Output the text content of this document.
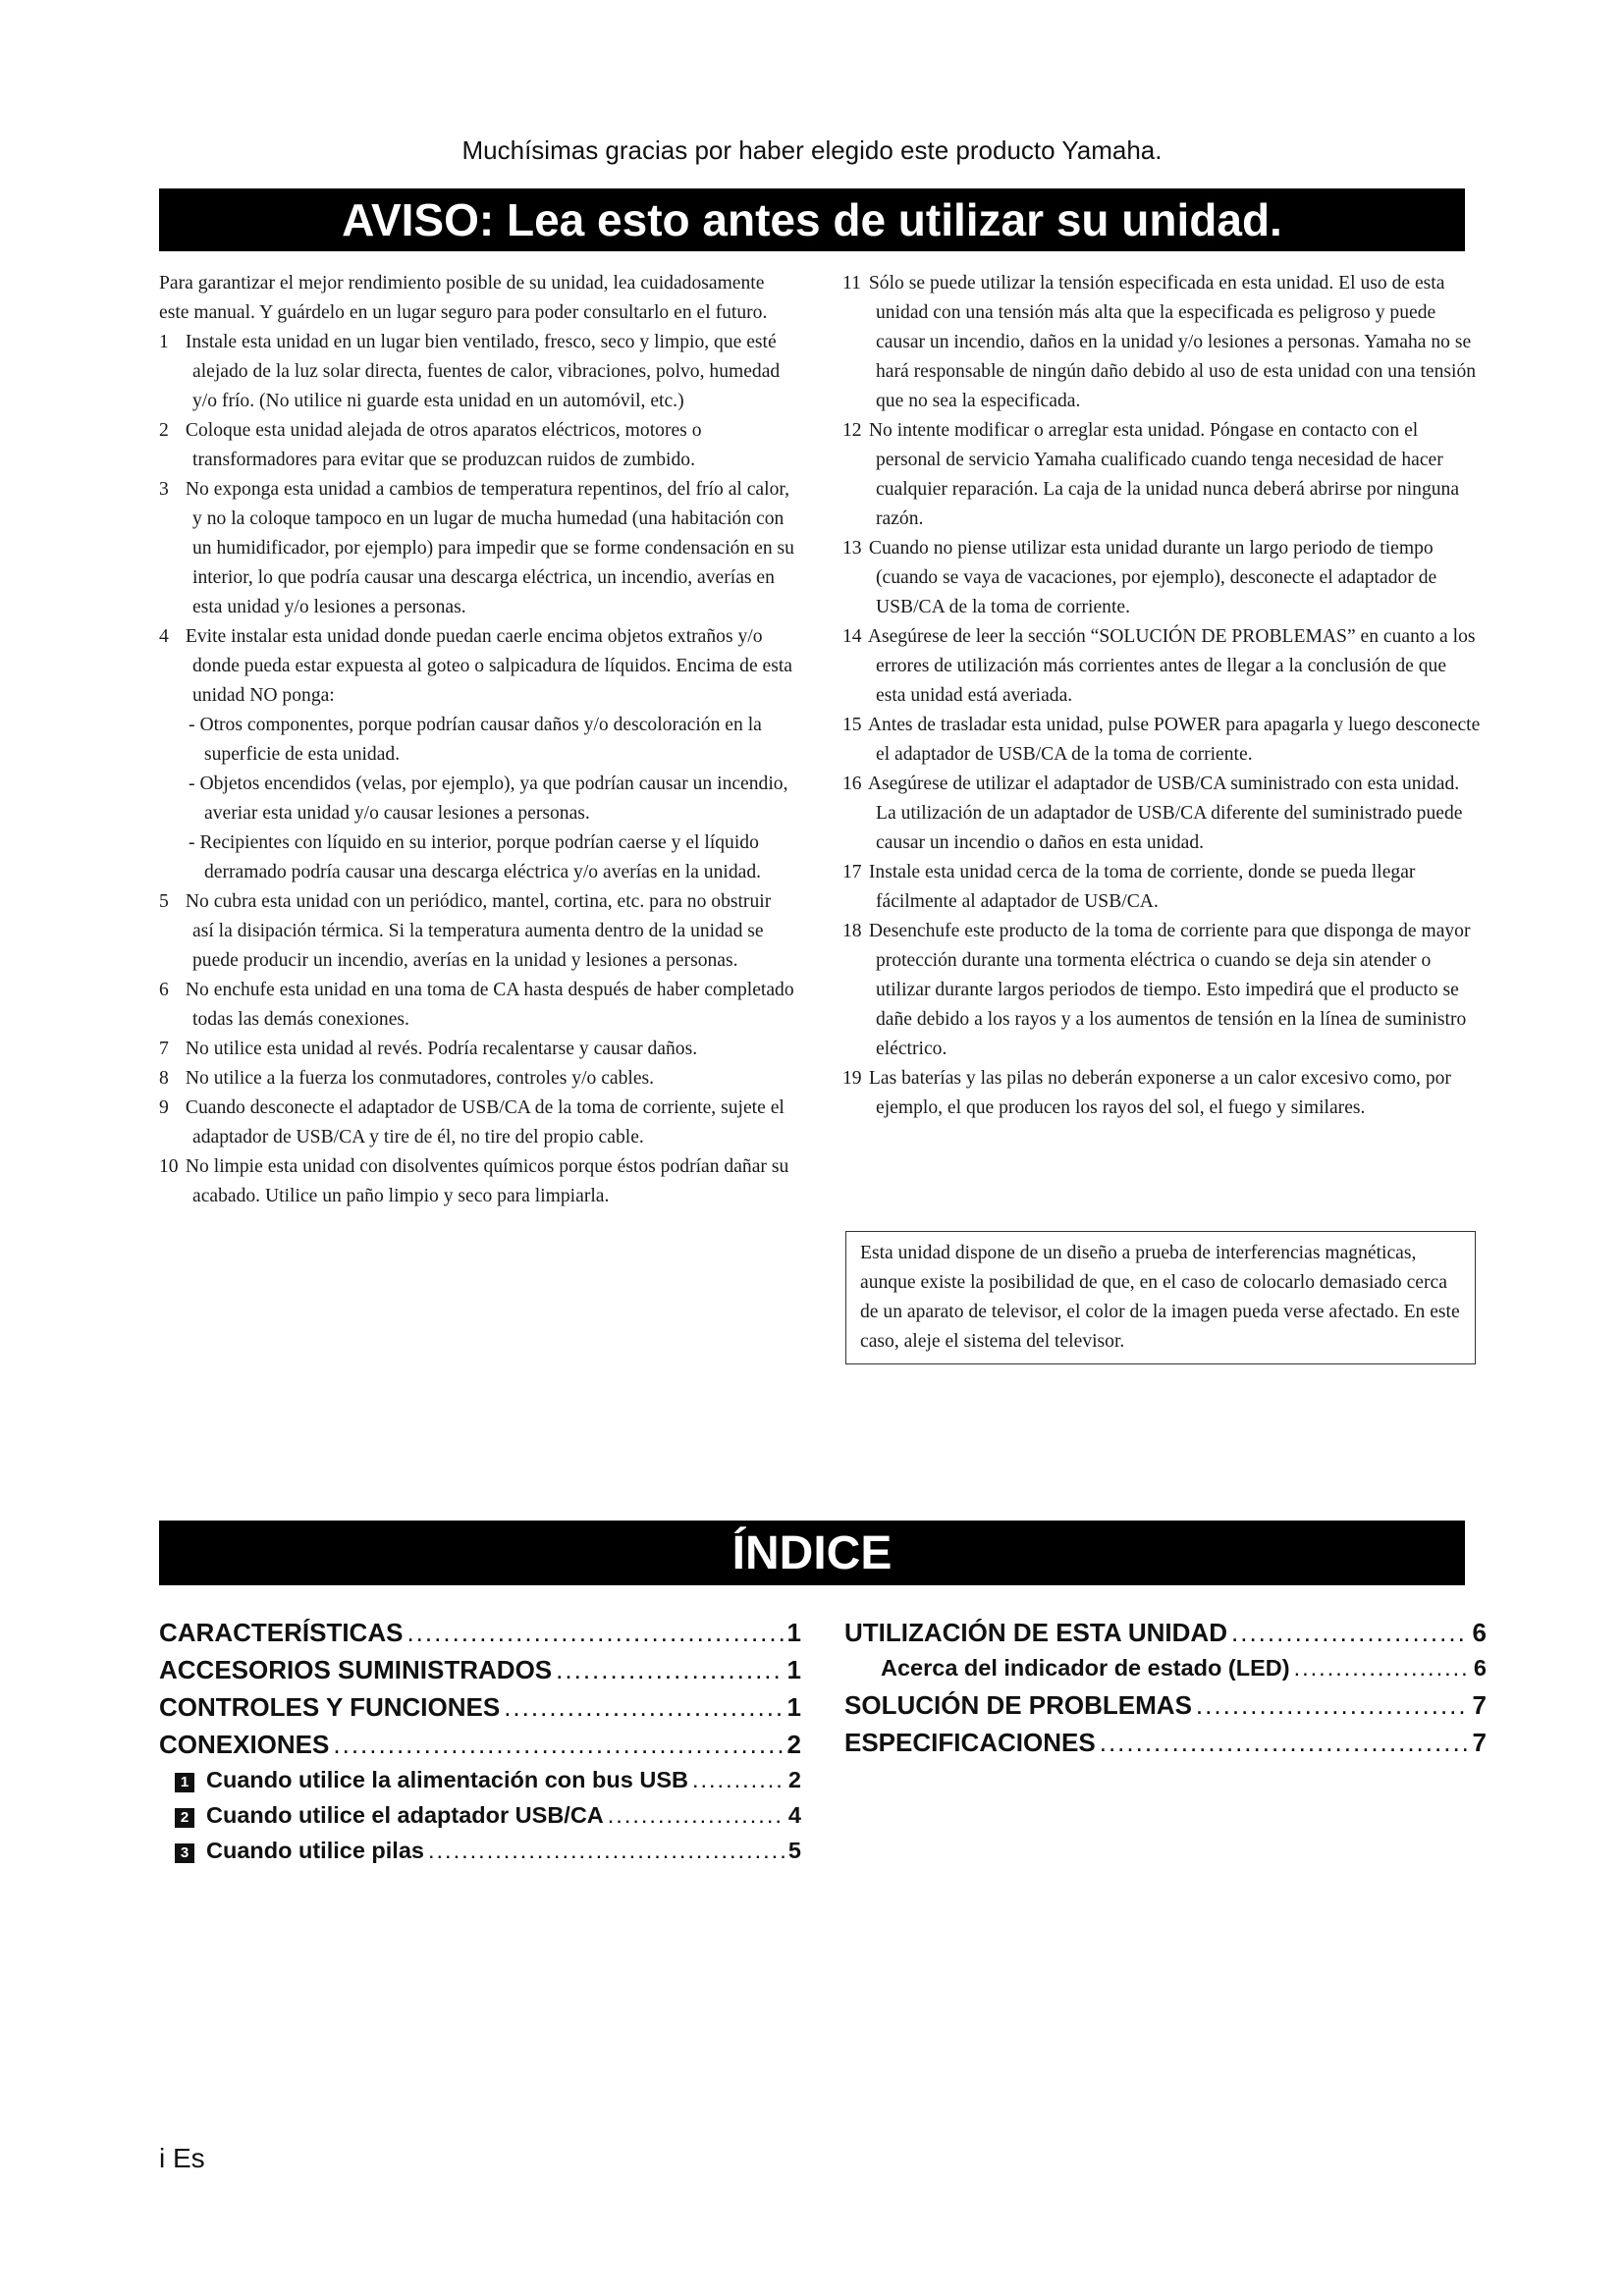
Muchísimas gracias por haber elegido este producto Yamaha.
AVISO: Lea esto antes de utilizar su unidad.

Para garantizar el mejor rendimiento posible de su unidad, lea cuidadosamente este manual. Y guárdelo en un lugar seguro para poder consultarlo en el futuro.

1 Instale esta unidad en un lugar bien ventilado, fresco, seco y limpio, que esté alejado de la luz solar directa, fuentes de calor, vibraciones, polvo, humedad y/o frío. (No utilice ni guarde esta unidad en un automóvil, etc.)
2 Coloque esta unidad alejada de otros aparatos eléctricos, motores o transformadores para evitar que se produzcan ruidos de zumbido.
3 No exponga esta unidad a cambios de temperatura repentinos, del frío al calor, y no la coloque tampoco en un lugar de mucha humedad (una habitación con un humidificador, por ejemplo) para impedir que se forme condensación en su interior, lo que podría causar una descarga eléctrica, un incendio, averías en esta unidad y/o lesiones a personas.
4 Evite instalar esta unidad donde puedan caerle encima objetos extraños y/o donde pueda estar expuesta al goteo o salpicadura de líquidos. Encima de esta unidad NO ponga:
- Otros componentes, porque podrían causar daños y/o descoloración en la superficie de esta unidad.
- Objetos encendidos (velas, por ejemplo), ya que podrían causar un incendio, averiar esta unidad y/o causar lesiones a personas.
- Recipientes con líquido en su interior, porque podrían caerse y el líquido derramado podría causar una descarga eléctrica y/o averías en la unidad.
5 No cubra esta unidad con un periódico, mantel, cortina, etc. para no obstruir así la disipación térmica. Si la temperatura aumenta dentro de la unidad se puede producir un incendio, averías en la unidad y lesiones a personas.
6 No enchufe esta unidad en una toma de CA hasta después de haber completado todas las demás conexiones.
7 No utilice esta unidad al revés. Podría recalentarse y causar daños.
8 No utilice a la fuerza los conmutadores, controles y/o cables.
9 Cuando desconecte el adaptador de USB/CA de la toma de corriente, sujete el adaptador de USB/CA y tire de él, no tire del propio cable.
10 No limpie esta unidad con disolventes químicos porque éstos podrían dañar su acabado. Utilice un paño limpio y seco para limpiarla.
11 Sólo se puede utilizar la tensión especificada en esta unidad. El uso de esta unidad con una tensión más alta que la especificada es peligroso y puede causar un incendio, daños en la unidad y/o lesiones a personas. Yamaha no se hará responsable de ningún daño debido al uso de esta unidad con una tensión que no sea la especificada.
12 No intente modificar o arreglar esta unidad. Póngase en contacto con el personal de servicio Yamaha cualificado cuando tenga necesidad de hacer cualquier reparación. La caja de la unidad nunca deberá abrirse por ninguna razón.
13 Cuando no piense utilizar esta unidad durante un largo periodo de tiempo (cuando se vaya de vacaciones, por ejemplo), desconecte el adaptador de USB/CA de la toma de corriente.
14 Asegúrese de leer la sección “SOLUCIÓN DE PROBLEMAS” en cuanto a los errores de utilización más corrientes antes de llegar a la conclusión de que esta unidad está averiada.
15 Antes de trasladar esta unidad, pulse POWER para apagarla y luego desconecte el adaptador de USB/CA de la toma de corriente.
16 Asegúrese de utilizar el adaptador de USB/CA suministrado con esta unidad. La utilización de un adaptador de USB/CA diferente del suministrado puede causar un incendio o daños en esta unidad.
17 Instale esta unidad cerca de la toma de corriente, donde se pueda llegar fácilmente al adaptador de USB/CA.
18 Desenchufe este producto de la toma de corriente para que disponga de mayor protección durante una tormenta eléctrica o cuando se deja sin atender o utilizar durante largos periodos de tiempo. Esto impedirá que el producto se dañe debido a los rayos y a los aumentos de tensión en la línea de suministro eléctrico.
19 Las baterías y las pilas no deberán exponerse a un calor excesivo como, por ejemplo, el que producen los rayos del sol, el fuego y similares.
Esta unidad dispone de un diseño a prueba de interferencias magnéticas, aunque existe la posibilidad de que, en el caso de colocarlo demasiado cerca de un aparato de televisor, el color de la imagen pueda verse afectado. En este caso, aleje el sistema del televisor.
ÍNDICE
CARACTERÍSTICAS .....	1
ACCESORIOS SUMINISTRADOS .....	1
CONTROLES Y FUNCIONES .....	1
CONEXIONES .....	2
1 Cuando utilice la alimentación con bus USB .....	2
2 Cuando utilice el adaptador USB/CA .....	4
3 Cuando utilice pilas .....	5
UTILIZACIÓN DE ESTA UNIDAD .....	6
Acerca del indicador de estado (LED) .....	6
SOLUCIÓN DE PROBLEMAS .....	7
ESPECIFICACIONES .....	7
i Es
